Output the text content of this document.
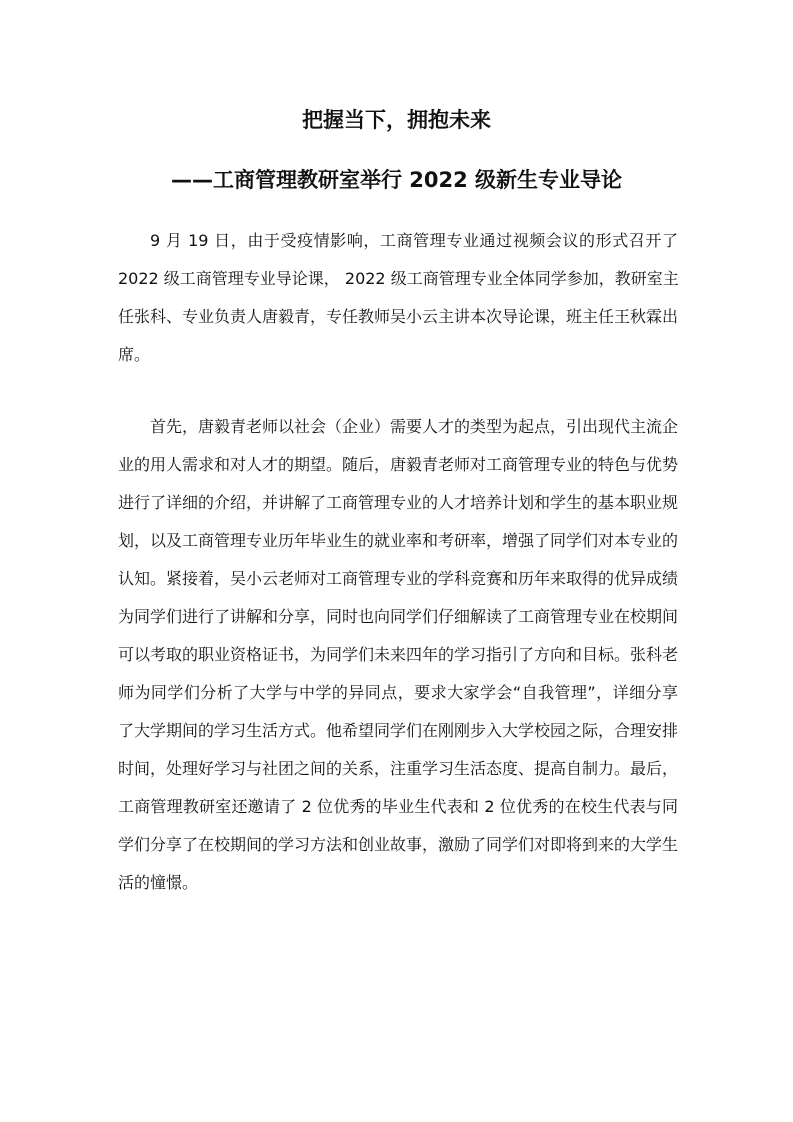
把握当下，拥抱未来
——工商管理教研室举行 2022 级新生专业导论
9 月 19 日，由于受疫情影响，工商管理专业通过视频会议的形式召开了
2022 级工商管理专业导论课， 2022 级工商管理专业全体同学参加，教研室主
任张科、专业负责人唐毅青，专任教师吴小云主讲本次导论课，班主任王秋霖出
席。
首先，唐毅青老师以社会（企业）需要人才的类型为起点，引出现代主流企
业的用人需求和对人才的期望。随后，唐毅青老师对工商管理专业的特色与优势
进行了详细的介绍，并讲解了工商管理专业的人才培养计划和学生的基本职业规
划，以及工商管理专业历年毕业生的就业率和考研率，增强了同学们对本专业的
认知。紧接着，吴小云老师对工商管理专业的学科竞赛和历年来取得的优异成绩
为同学们进行了讲解和分享，同时也向同学们仔细解读了工商管理专业在校期间
可以考取的职业资格证书，为同学们未来四年的学习指引了方向和目标。张科老
师为同学们分析了大学与中学的异同点，要求大家学会“自我管理”，详细分享
了大学期间的学习生活方式。他希望同学们在刚刚步入大学校园之际，合理安排
时间，处理好学习与社团之间的关系，注重学习生活态度、提高自制力。最后，
工商管理教研室还邀请了 2 位优秀的毕业生代表和 2 位优秀的在校生代表与同
学们分享了在校期间的学习方法和创业故事，激励了同学们对即将到来的大学生
活的憧憬。
